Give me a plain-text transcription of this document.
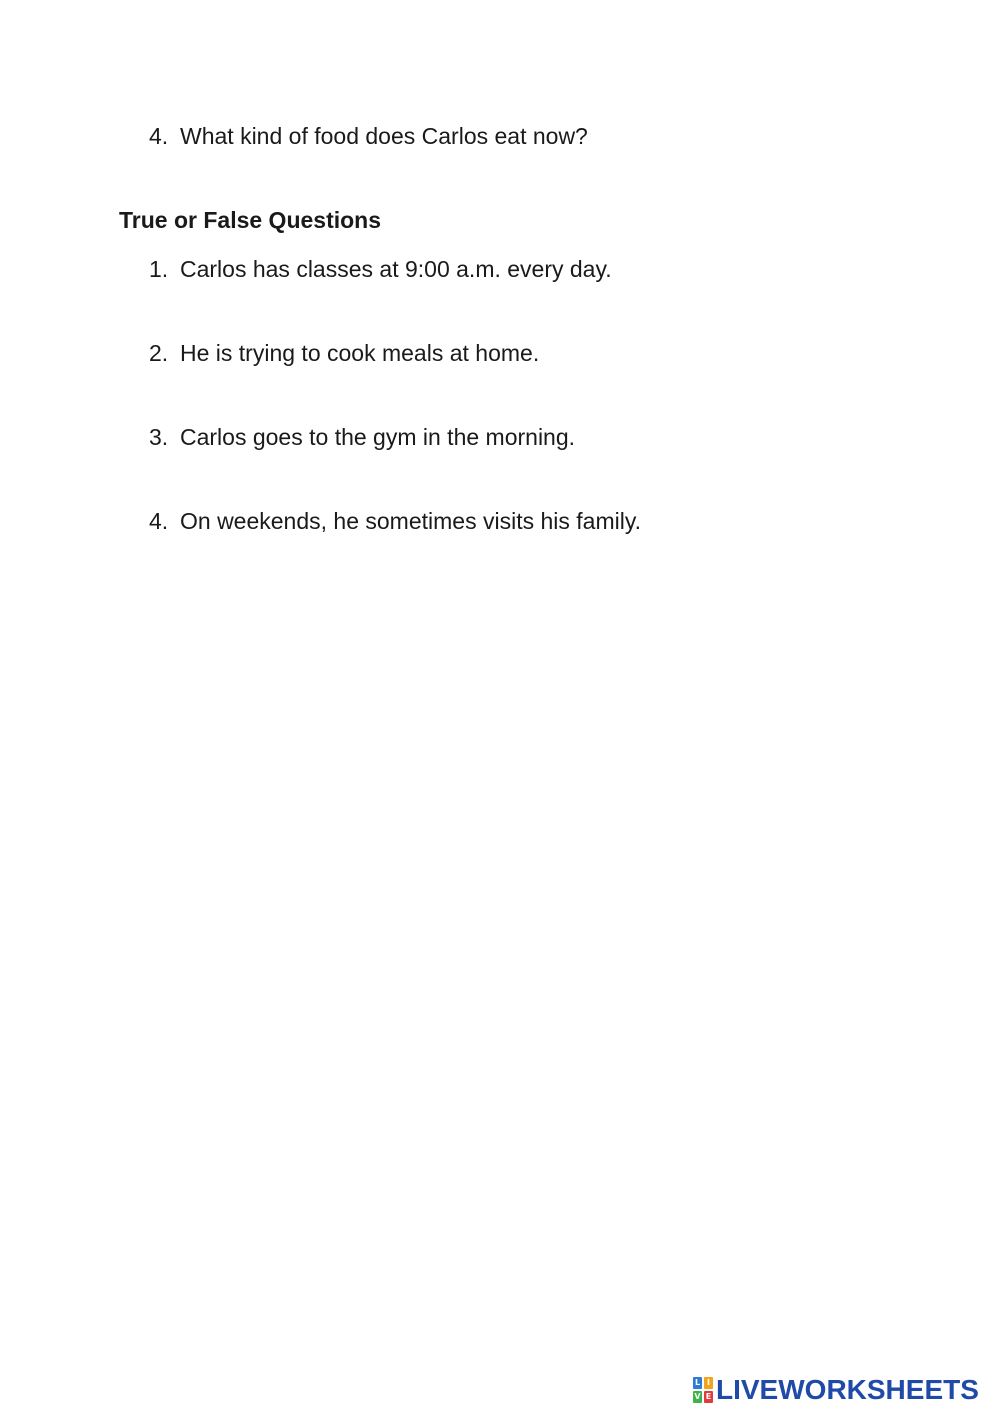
4. What kind of food does Carlos eat now?
True or False Questions
1. Carlos has classes at 9:00 a.m. every day.
2. He is trying to cook meals at home.
3. Carlos goes to the gym in the morning.
4. On weekends, he sometimes visits his family.
L I
V E LIVEWORKSHEETS
